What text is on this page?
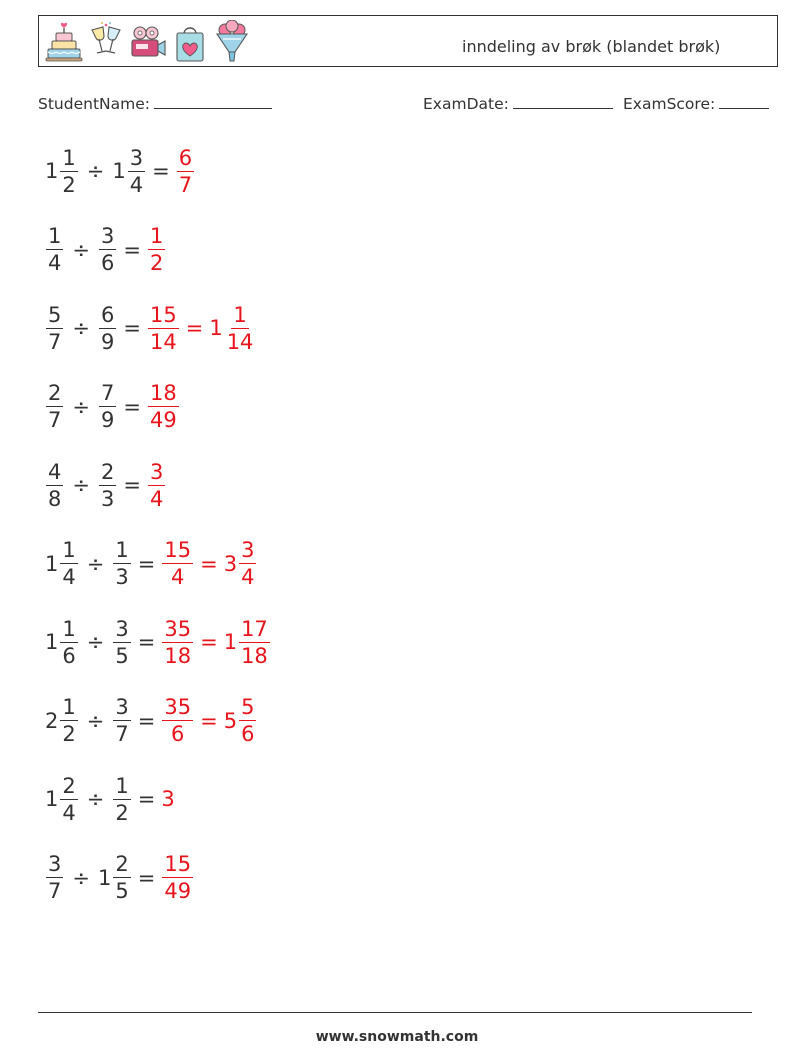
inndeling av brøk (blandet brøk)
StudentName:	ExamDate:	ExamScore:
$1 \frac{1}{2} \div 1 \frac{3}{4} = \frac{6}{7}$
$\frac{1}{4} \div \frac{3}{6} = \frac{1}{2}$
$\frac{5}{7} \div \frac{6}{9} = \frac{15}{14} = 1 \frac{1}{14}$
$\frac{2}{7} \div \frac{7}{9} = \frac{18}{49}$
$\frac{4}{8} \div \frac{2}{3} = \frac{3}{4}$
$1 \frac{1}{4} \div \frac{1}{3} = \frac{15}{4} = 3 \frac{3}{4}$
$1 \frac{1}{6} \div \frac{3}{5} = \frac{35}{18} = 1 \frac{17}{18}$
$2 \frac{1}{2} \div \frac{3}{7} = \frac{35}{6} = 5 \frac{5}{6}$
$1 \frac{2}{4} \div \frac{1}{2} = 3$
$\frac{3}{7} \div 1 \frac{2}{5} = \frac{15}{49}$
www.snowmath.com
